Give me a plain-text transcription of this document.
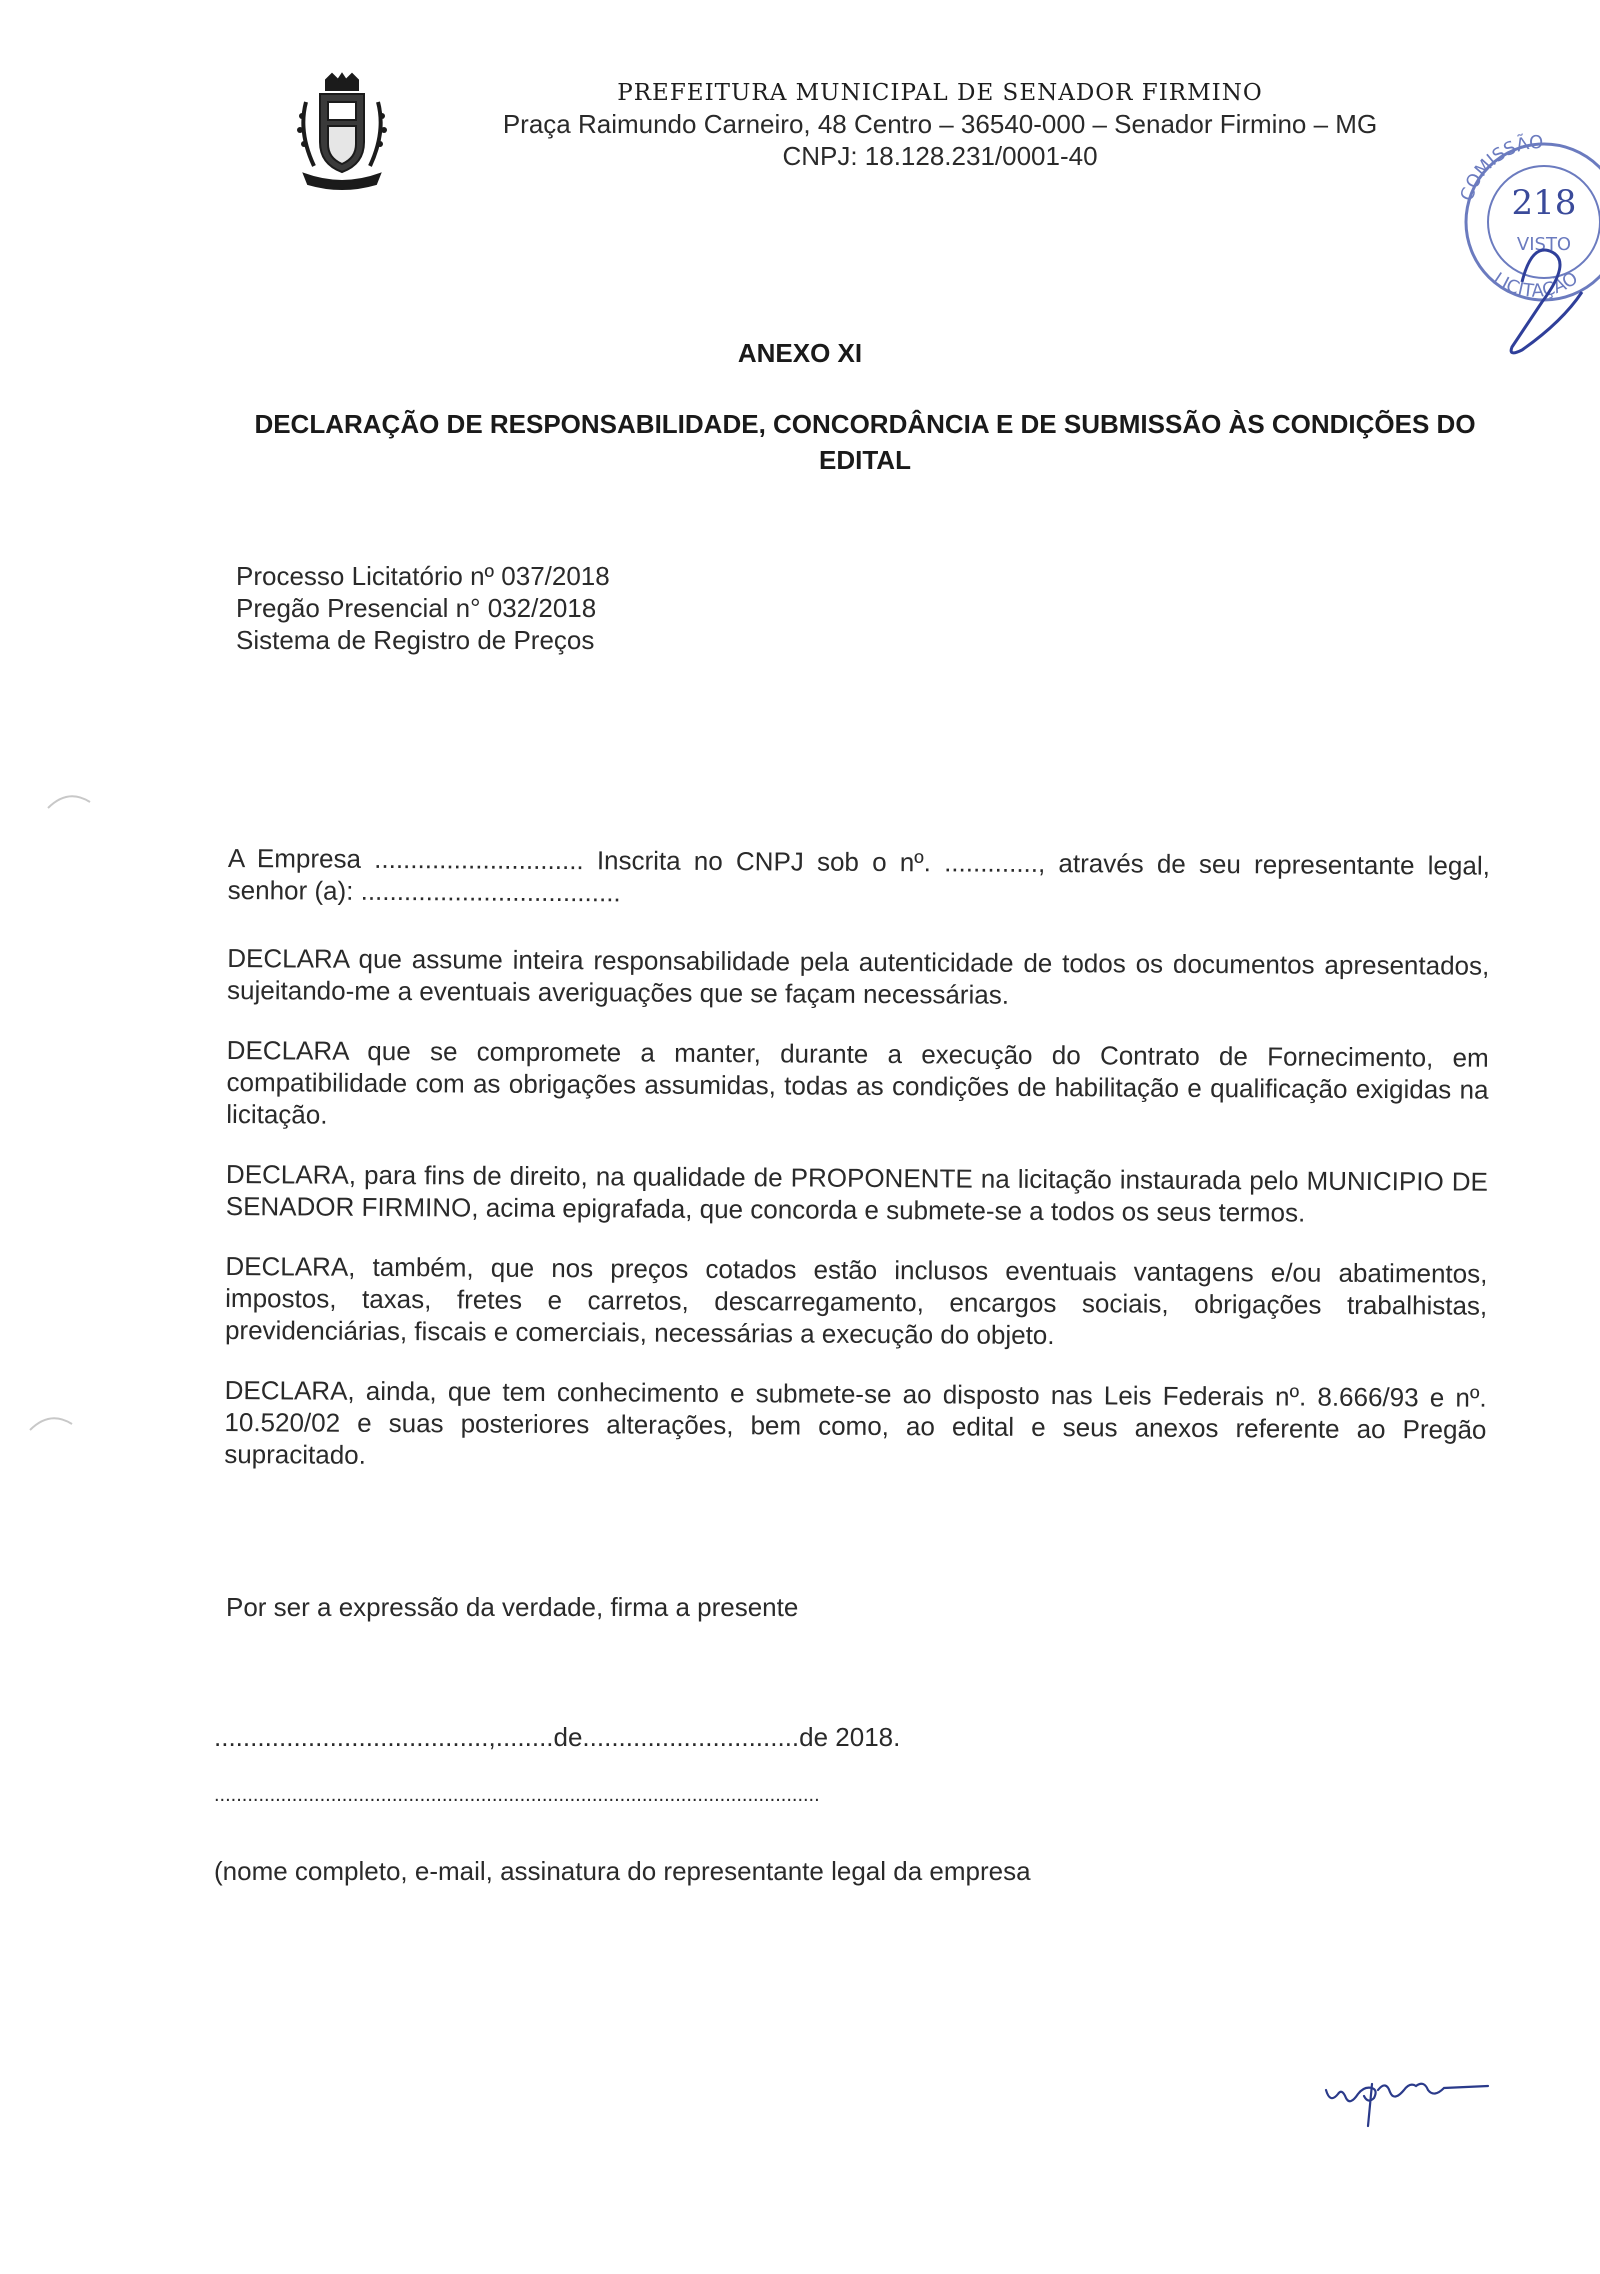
PREFEITURA MUNICIPAL DE SENADOR FIRMINO
Praça Raimundo Carneiro, 48 Centro – 36540-000 – Senador Firmino – MG
CNPJ: 18.128.231/0001-40
COMISSÃO
LICITAÇÃO
218
VISTO
ANEXO XI
DECLARAÇÃO DE RESPONSABILIDADE, CONCORDÂNCIA E DE SUBMISSÃO ÀS CONDIÇÕES DO EDITAL
Processo Licitatório nº 037/2018
Pregão Presencial n° 032/2018
Sistema de Registro de Preços

A Empresa ............................. Inscrita no CNPJ sob o nº. ............., através de seu representante legal, senhor (a): ....................................

DECLARA que assume inteira responsabilidade pela autenticidade de todos os documentos apresentados, sujeitando-me a eventuais averiguações que se façam necessárias.

DECLARA que se compromete a manter, durante a execução do Contrato de Fornecimento, em compatibilidade com as obrigações assumidas, todas as condições de habilitação e qualificação exigidas na licitação.

DECLARA, para fins de direito, na qualidade de PROPONENTE na licitação instaurada pelo MUNICIPIO DE SENADOR FIRMINO, acima epigrafada, que concorda e submete-se a todos os seus termos.

DECLARA, também, que nos preços cotados estão inclusos eventuais vantagens e/ou abatimentos, impostos, taxas, fretes e carretos, descarregamento, encargos sociais, obrigações trabalhistas, previdenciárias, fiscais e comerciais, necessárias a execução do objeto.

DECLARA, ainda, que tem conhecimento e submete-se ao disposto nas Leis Federais nº. 8.666/93 e nº. 10.520/02 e suas posteriores alterações, bem como, ao edital e seus anexos referente ao Pregão supracitado.

Por ser a expressão da verdade, firma a presente
......................................,........de..............................de 2018.
.............................................................................................................
(nome completo, e-mail, assinatura do representante legal da empresa
